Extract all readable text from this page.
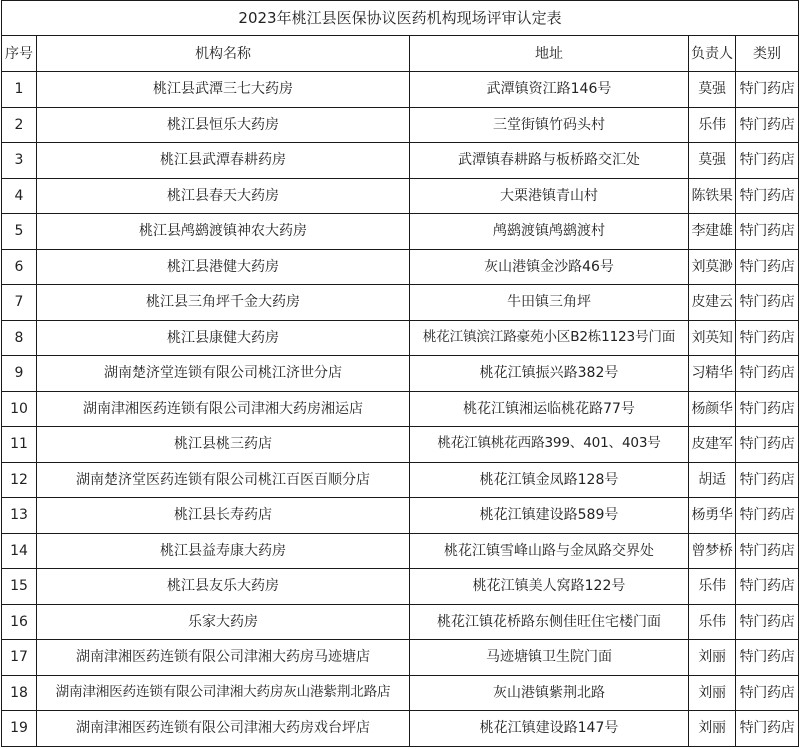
2023年桃江县医保协议医药机构现场评审认定表				
序号	机构名称	地址	负责人	类别
1	桃江县武潭三七大药房	武潭镇资江路146号	莫强	特门药店
2	桃江县恒乐大药房	三堂街镇竹码头村	乐伟	特门药店
3	桃江县武潭春耕药房	武潭镇春耕路与板桥路交汇处	莫强	特门药店
4	桃江县春天大药房	大栗港镇青山村	陈铁果	特门药店
5	桃江县鸬鹚渡镇神农大药房	鸬鹚渡镇鸬鹚渡村	李建雄	特门药店
6	桃江县港健大药房	灰山港镇金沙路46号	刘莫渺	特门药店
7	桃江县三角坪千金大药房	牛田镇三角坪	皮建云	特门药店
8	桃江县康健大药房	桃花江镇滨江路豪苑小区B2栋1123号门面	刘英知	特门药店
9	湖南楚济堂连锁有限公司桃江济世分店	桃花江镇振兴路382号	习精华	特门药店
10	湖南津湘医药连锁有限公司津湘大药房湘运店	桃花江镇湘运临桃花路77号	杨颜华	特门药店
11	桃江县桃三药店	桃花江镇桃花西路399、401、403号	皮建军	特门药店
12	湖南楚济堂医药连锁有限公司桃江百医百顺分店	桃花江镇金凤路128号	胡适	特门药店
13	桃江县长寿药店	桃花江镇建设路589号	杨勇华	特门药店
14	桃江县益寿康大药房	桃花江镇雪峰山路与金凤路交界处	曾梦桥	特门药店
15	桃江县友乐大药房	桃花江镇美人窝路122号	乐伟	特门药店
16	乐家大药房	桃花江镇花桥路东侧佳旺住宅楼门面	乐伟	特门药店
17	湖南津湘医药连锁有限公司津湘大药房马迹塘店	马迹塘镇卫生院门面	刘丽	特门药店
18	湖南津湘医药连锁有限公司津湘大药房灰山港紫荆北路店	灰山港镇紫荆北路	刘丽	特门药店
19	湖南津湘医药连锁有限公司津湘大药房戏台坪店	桃花江镇建设路147号	刘丽	特门药店
